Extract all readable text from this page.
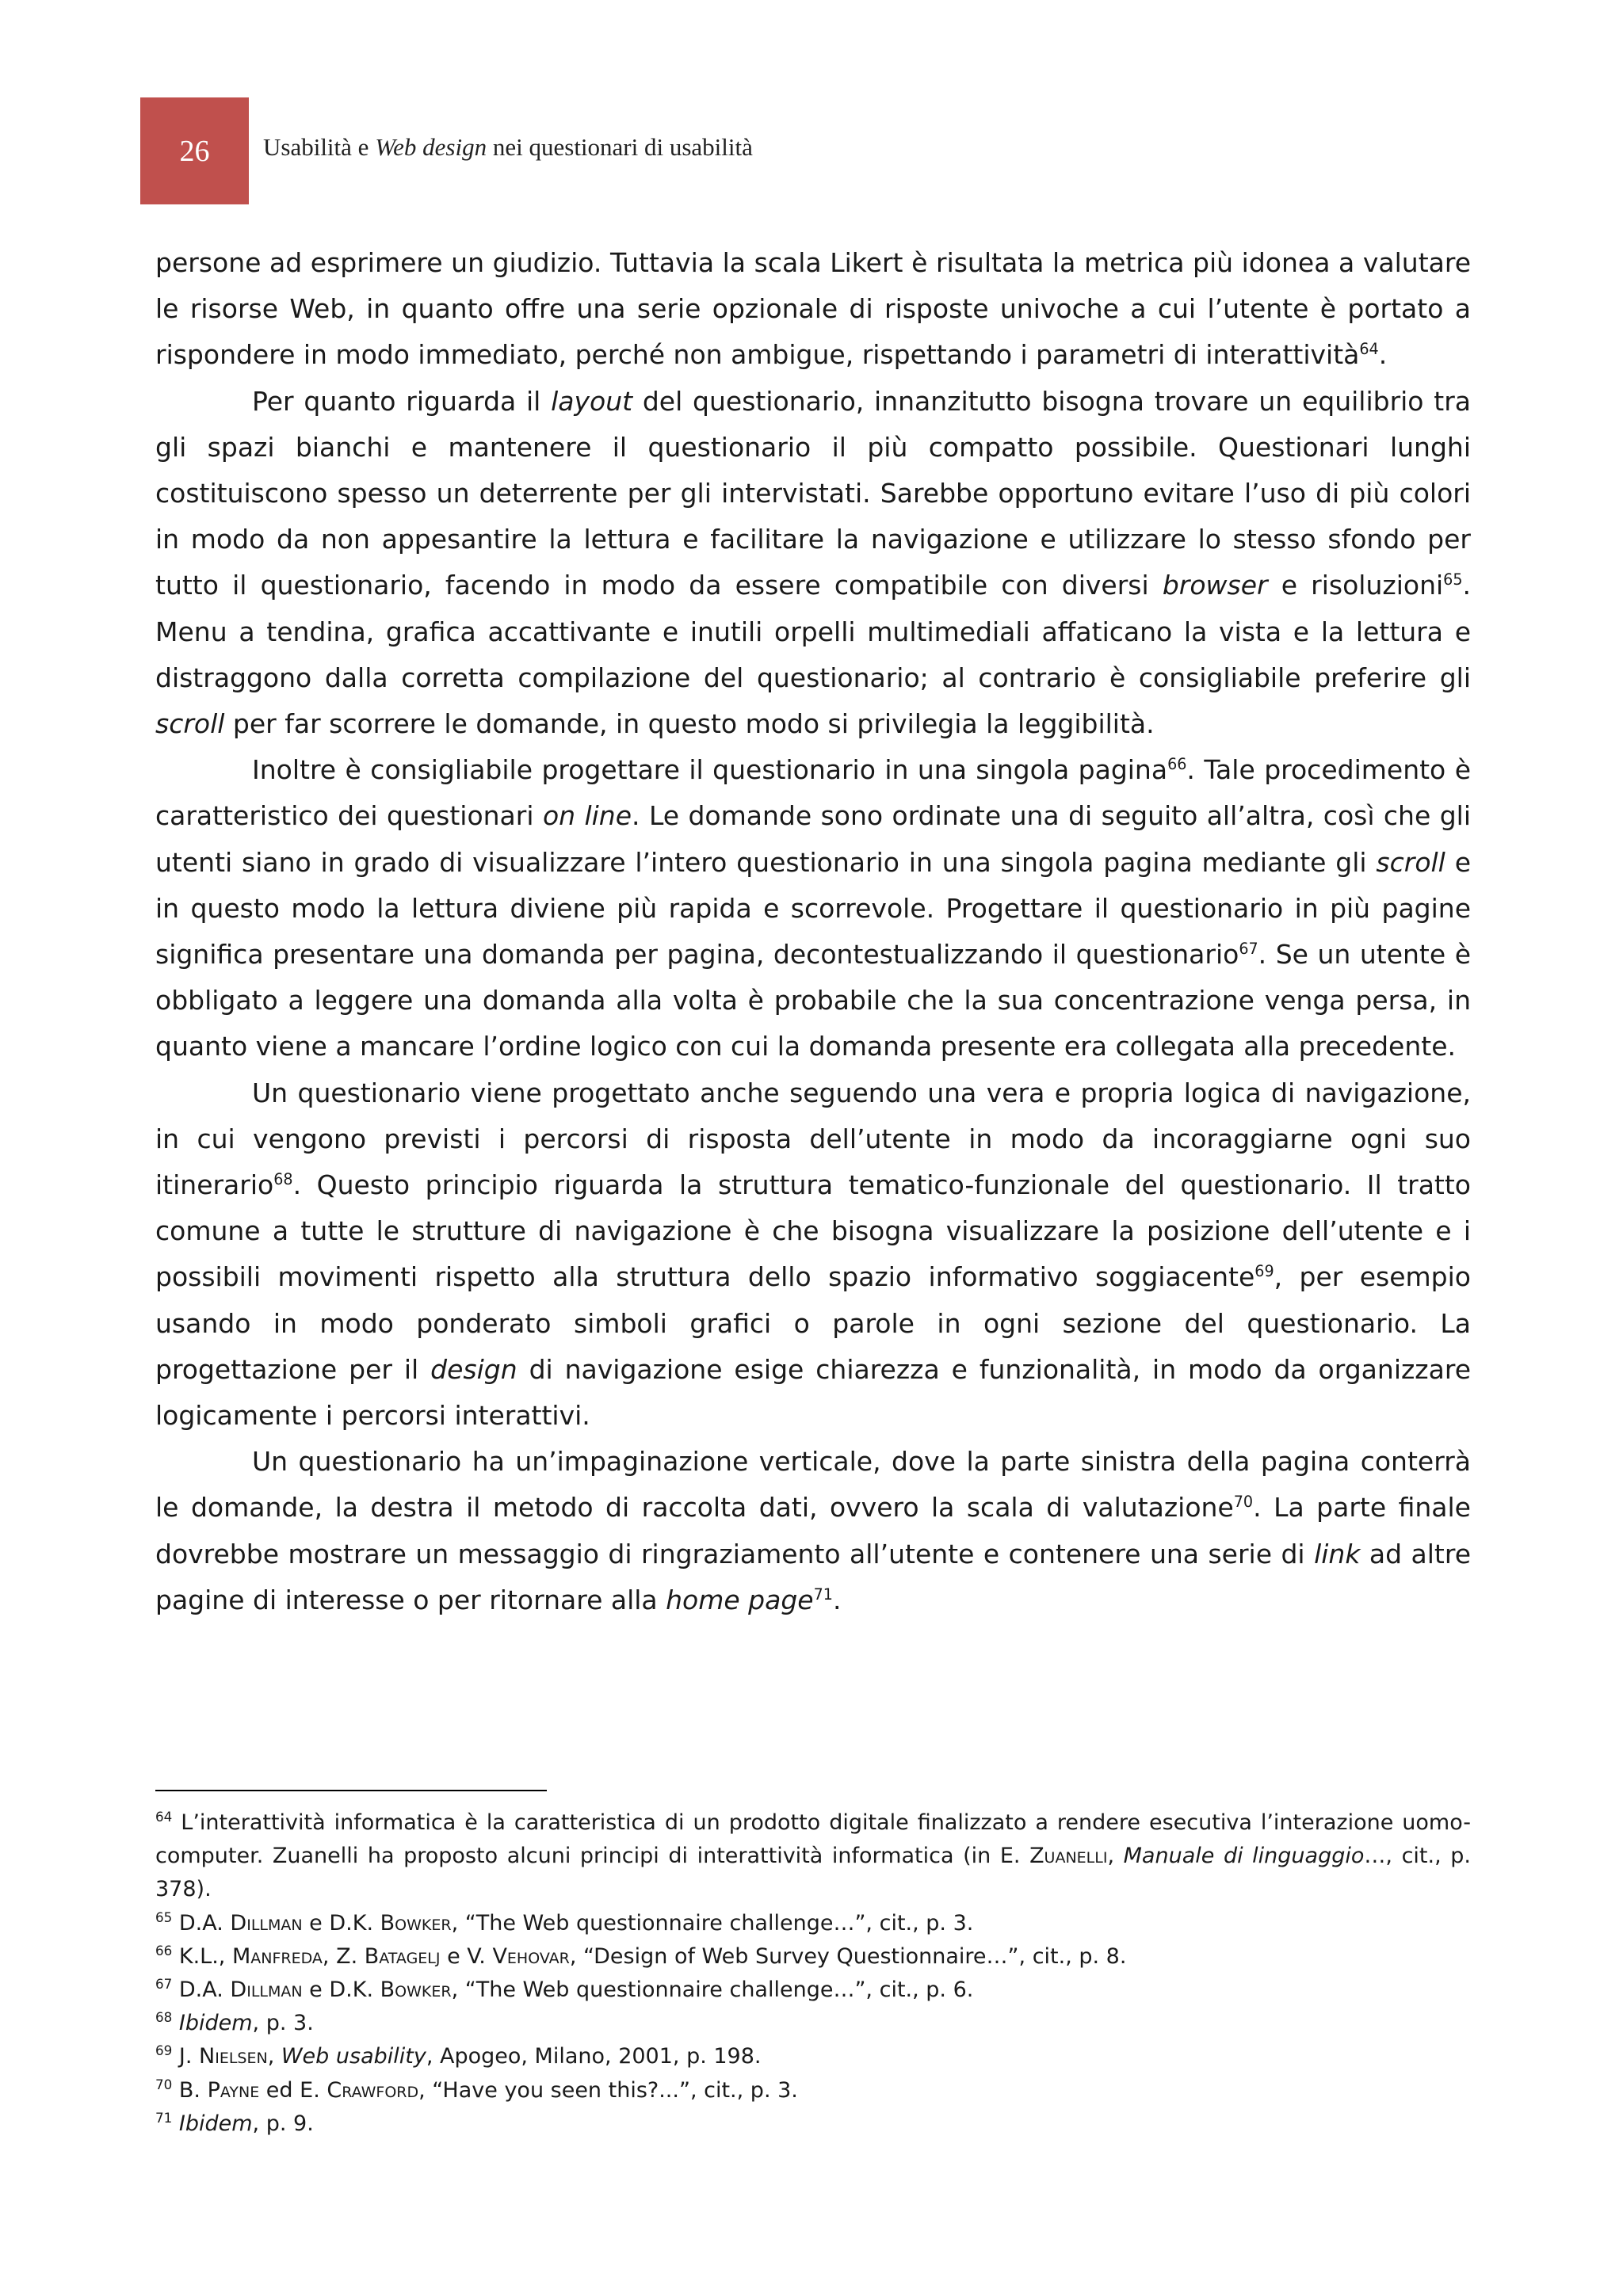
26 Usabilità e Web design nei questionari di usabilità

persone ad esprimere un giudizio. Tuttavia la scala Likert è risultata la metrica più idonea a valutare le risorse Web, in quanto offre una serie opzionale di risposte univoche a cui l’utente è portato a rispondere in modo immediato, perché non ambigue, rispettando i parametri di interattività$^{64}$.

Per quanto riguarda il layout del questionario, innanzitutto bisogna trovare un equilibrio tra gli spazi bianchi e mantenere il questionario il più compatto possibile. Questionari lunghi costituiscono spesso un deterrente per gli intervistati. Sarebbe opportuno evitare l’uso di più colori in modo da non appesantire la lettura e facilitare la navigazione e utilizzare lo stesso sfondo per tutto il questionario, facendo in modo da essere compatibile con diversi browser e risoluzioni$^{65}$. Menu a tendina, grafica accattivante e inutili orpelli multimediali affaticano la vista e la lettura e distraggono dalla corretta compilazione del questionario; al contrario è consigliabile preferire gli scroll per far scorrere le domande, in questo modo si privilegia la leggibilità.

Inoltre è consigliabile progettare il questionario in una singola pagina$^{66}$. Tale procedimento è caratteristico dei questionari on line. Le domande sono ordinate una di seguito all’altra, così che gli utenti siano in grado di visualizzare l’intero questionario in una singola pagina mediante gli scroll e in questo modo la lettura diviene più rapida e scorrevole. Progettare il questionario in più pagine significa presentare una domanda per pagina, decontestualizzando il questionario$^{67}$. Se un utente è obbligato a leggere una domanda alla volta è probabile che la sua concentrazione venga persa, in quanto viene a mancare l’ordine logico con cui la domanda presente era collegata alla precedente.

Un questionario viene progettato anche seguendo una vera e propria logica di navigazione, in cui vengono previsti i percorsi di risposta dell’utente in modo da incoraggiarne ogni suo itinerario$^{68}$. Questo principio riguarda la struttura tematico-funzionale del questionario. Il tratto comune a tutte le strutture di navigazione è che bisogna visualizzare la posizione dell’utente e i possibili movimenti rispetto alla struttura dello spazio informativo soggiacente$^{69}$, per esempio usando in modo ponderato simboli grafici o parole in ogni sezione del questionario. La progettazione per il design di navigazione esige chiarezza e funzionalità, in modo da organizzare logicamente i percorsi interattivi.

Un questionario ha un’impaginazione verticale, dove la parte sinistra della pagina conterrà le domande, la destra il metodo di raccolta dati, ovvero la scala di valutazione$^{70}$. La parte finale dovrebbe mostrare un messaggio di ringraziamento all’utente e contenere una serie di link ad altre pagine di interesse o per ritornare alla home page$^{71}$.

$^{64}$ L’interattività informatica è la caratteristica di un prodotto digitale finalizzato a rendere esecutiva l’interazione uomo-computer. Zuanelli ha proposto alcuni principi di interattività informatica (in E. Zuanelli, Manuale di linguaggio…, cit., p. 378).

$^{65}$ D.A. Dillman e D.K. Bowker, “The Web questionnaire challenge…”, cit., p. 3.

$^{66}$ K.L., Manfreda, Z. Batagelj e V. Vehovar, “Design of Web Survey Questionnaire…”, cit., p. 8.

$^{67}$ D.A. Dillman e D.K. Bowker, “The Web questionnaire challenge…”, cit., p. 6.

$^{68}$ Ibidem, p. 3.

$^{69}$ J. Nielsen, Web usability, Apogeo, Milano, 2001, p. 198.

$^{70}$ B. Payne ed E. Crawford, “Have you seen this?...”, cit., p. 3.

$^{71}$ Ibidem, p. 9.
